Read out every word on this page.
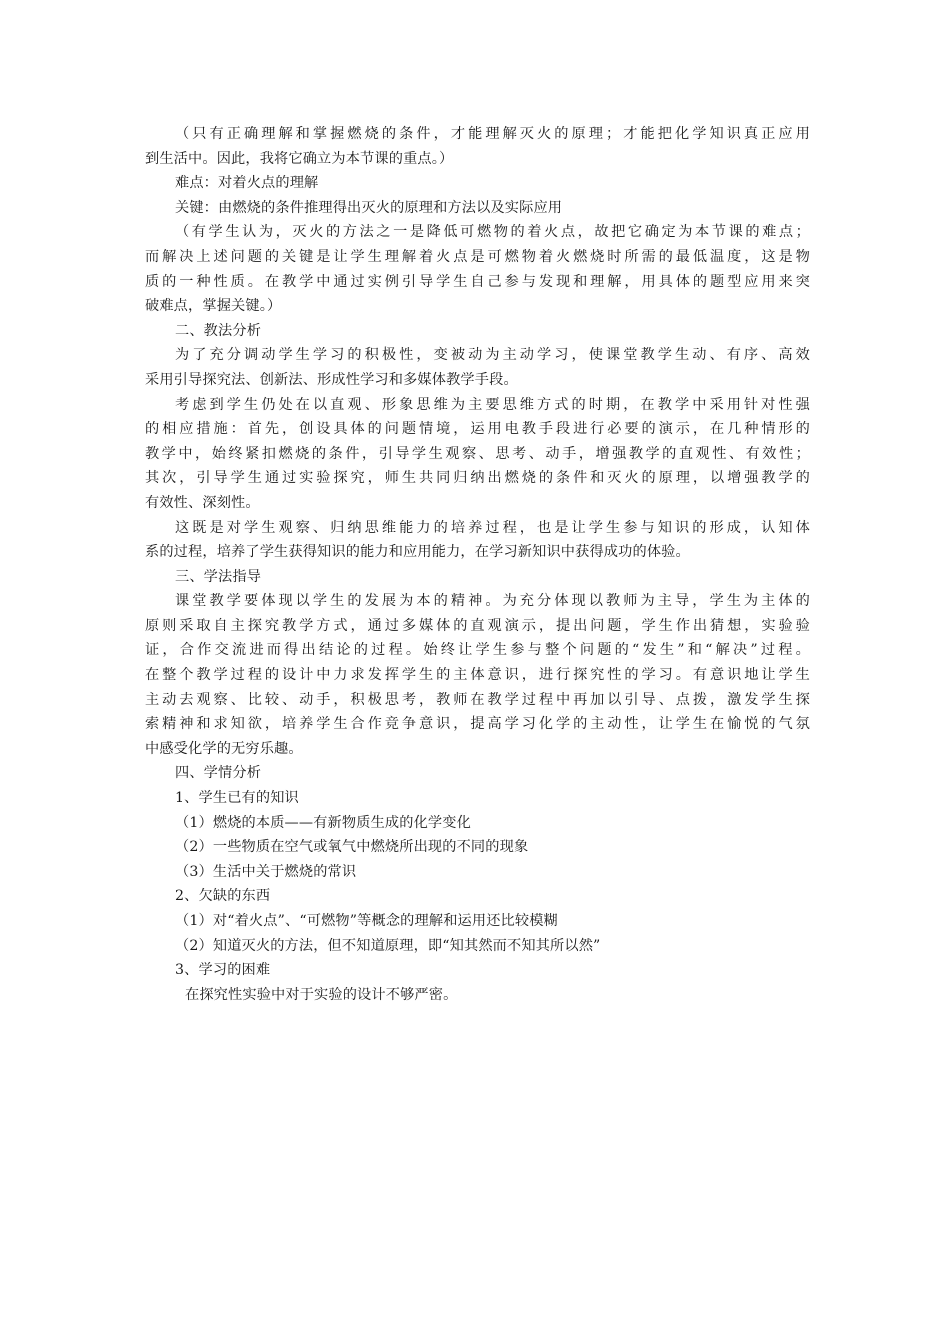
（只有正确理解和掌握燃烧的条件，才能理解灭火的原理；才能把化学知识真正应用
到生活中。因此，我将它确立为本节课的重点。）
难点：对着火点的理解
关键：由燃烧的条件推理得出灭火的原理和方法以及实际应用
（有学生认为，灭火的方法之一是降低可燃物的着火点，故把它确定为本节课的难点；
而解决上述问题的关键是让学生理解着火点是可燃物着火燃烧时所需的最低温度，这是物
质的一种性质。在教学中通过实例引导学生自己参与发现和理解，用具体的题型应用来突
破难点，掌握关键。）
二、教法分析
为了充分调动学生学习的积极性，变被动为主动学习，使课堂教学生动、有序、高效
采用引导探究法、创新法、形成性学习和多媒体教学手段。
考虑到学生仍处在以直观、形象思维为主要思维方式的时期，在教学中采用针对性强
的相应措施：首先，创设具体的问题情境，运用电教手段进行必要的演示，在几种情形的
教学中，始终紧扣燃烧的条件，引导学生观察、思考、动手，增强教学的直观性、有效性；
其次，引导学生通过实验探究，师生共同归纳出燃烧的条件和灭火的原理，以增强教学的
有效性、深刻性。
这既是对学生观察、归纳思维能力的培养过程，也是让学生参与知识的形成，认知体
系的过程，培养了学生获得知识的能力和应用能力，在学习新知识中获得成功的体验。
三、学法指导
课堂教学要体现以学生的发展为本的精神。为充分体现以教师为主导，学生为主体的
原则采取自主探究教学方式，通过多媒体的直观演示，提出问题，学生作出猜想，实验验
证，合作交流进而得出结论的过程。始终让学生参与整个问题的“发生”和“解决”过程。
在整个教学过程的设计中力求发挥学生的主体意识，进行探究性的学习。有意识地让学生
主动去观察、比较、动手，积极思考，教师在教学过程中再加以引导、点拨，激发学生探
索精神和求知欲，培养学生合作竞争意识，提高学习化学的主动性，让学生在愉悦的气氛
中感受化学的无穷乐趣。
四、学情分析
1、学生已有的知识
（1）燃烧的本质——有新物质生成的化学变化
（2）一些物质在空气或氧气中燃烧所出现的不同的现象
（3）生活中关于燃烧的常识
2、欠缺的东西
（1）对“着火点”、“可燃物”等概念的理解和运用还比较模糊
（2）知道灭火的方法，但不知道原理，即“知其然而不知其所以然”
3、学习的困难
在探究性实验中对于实验的设计不够严密。
